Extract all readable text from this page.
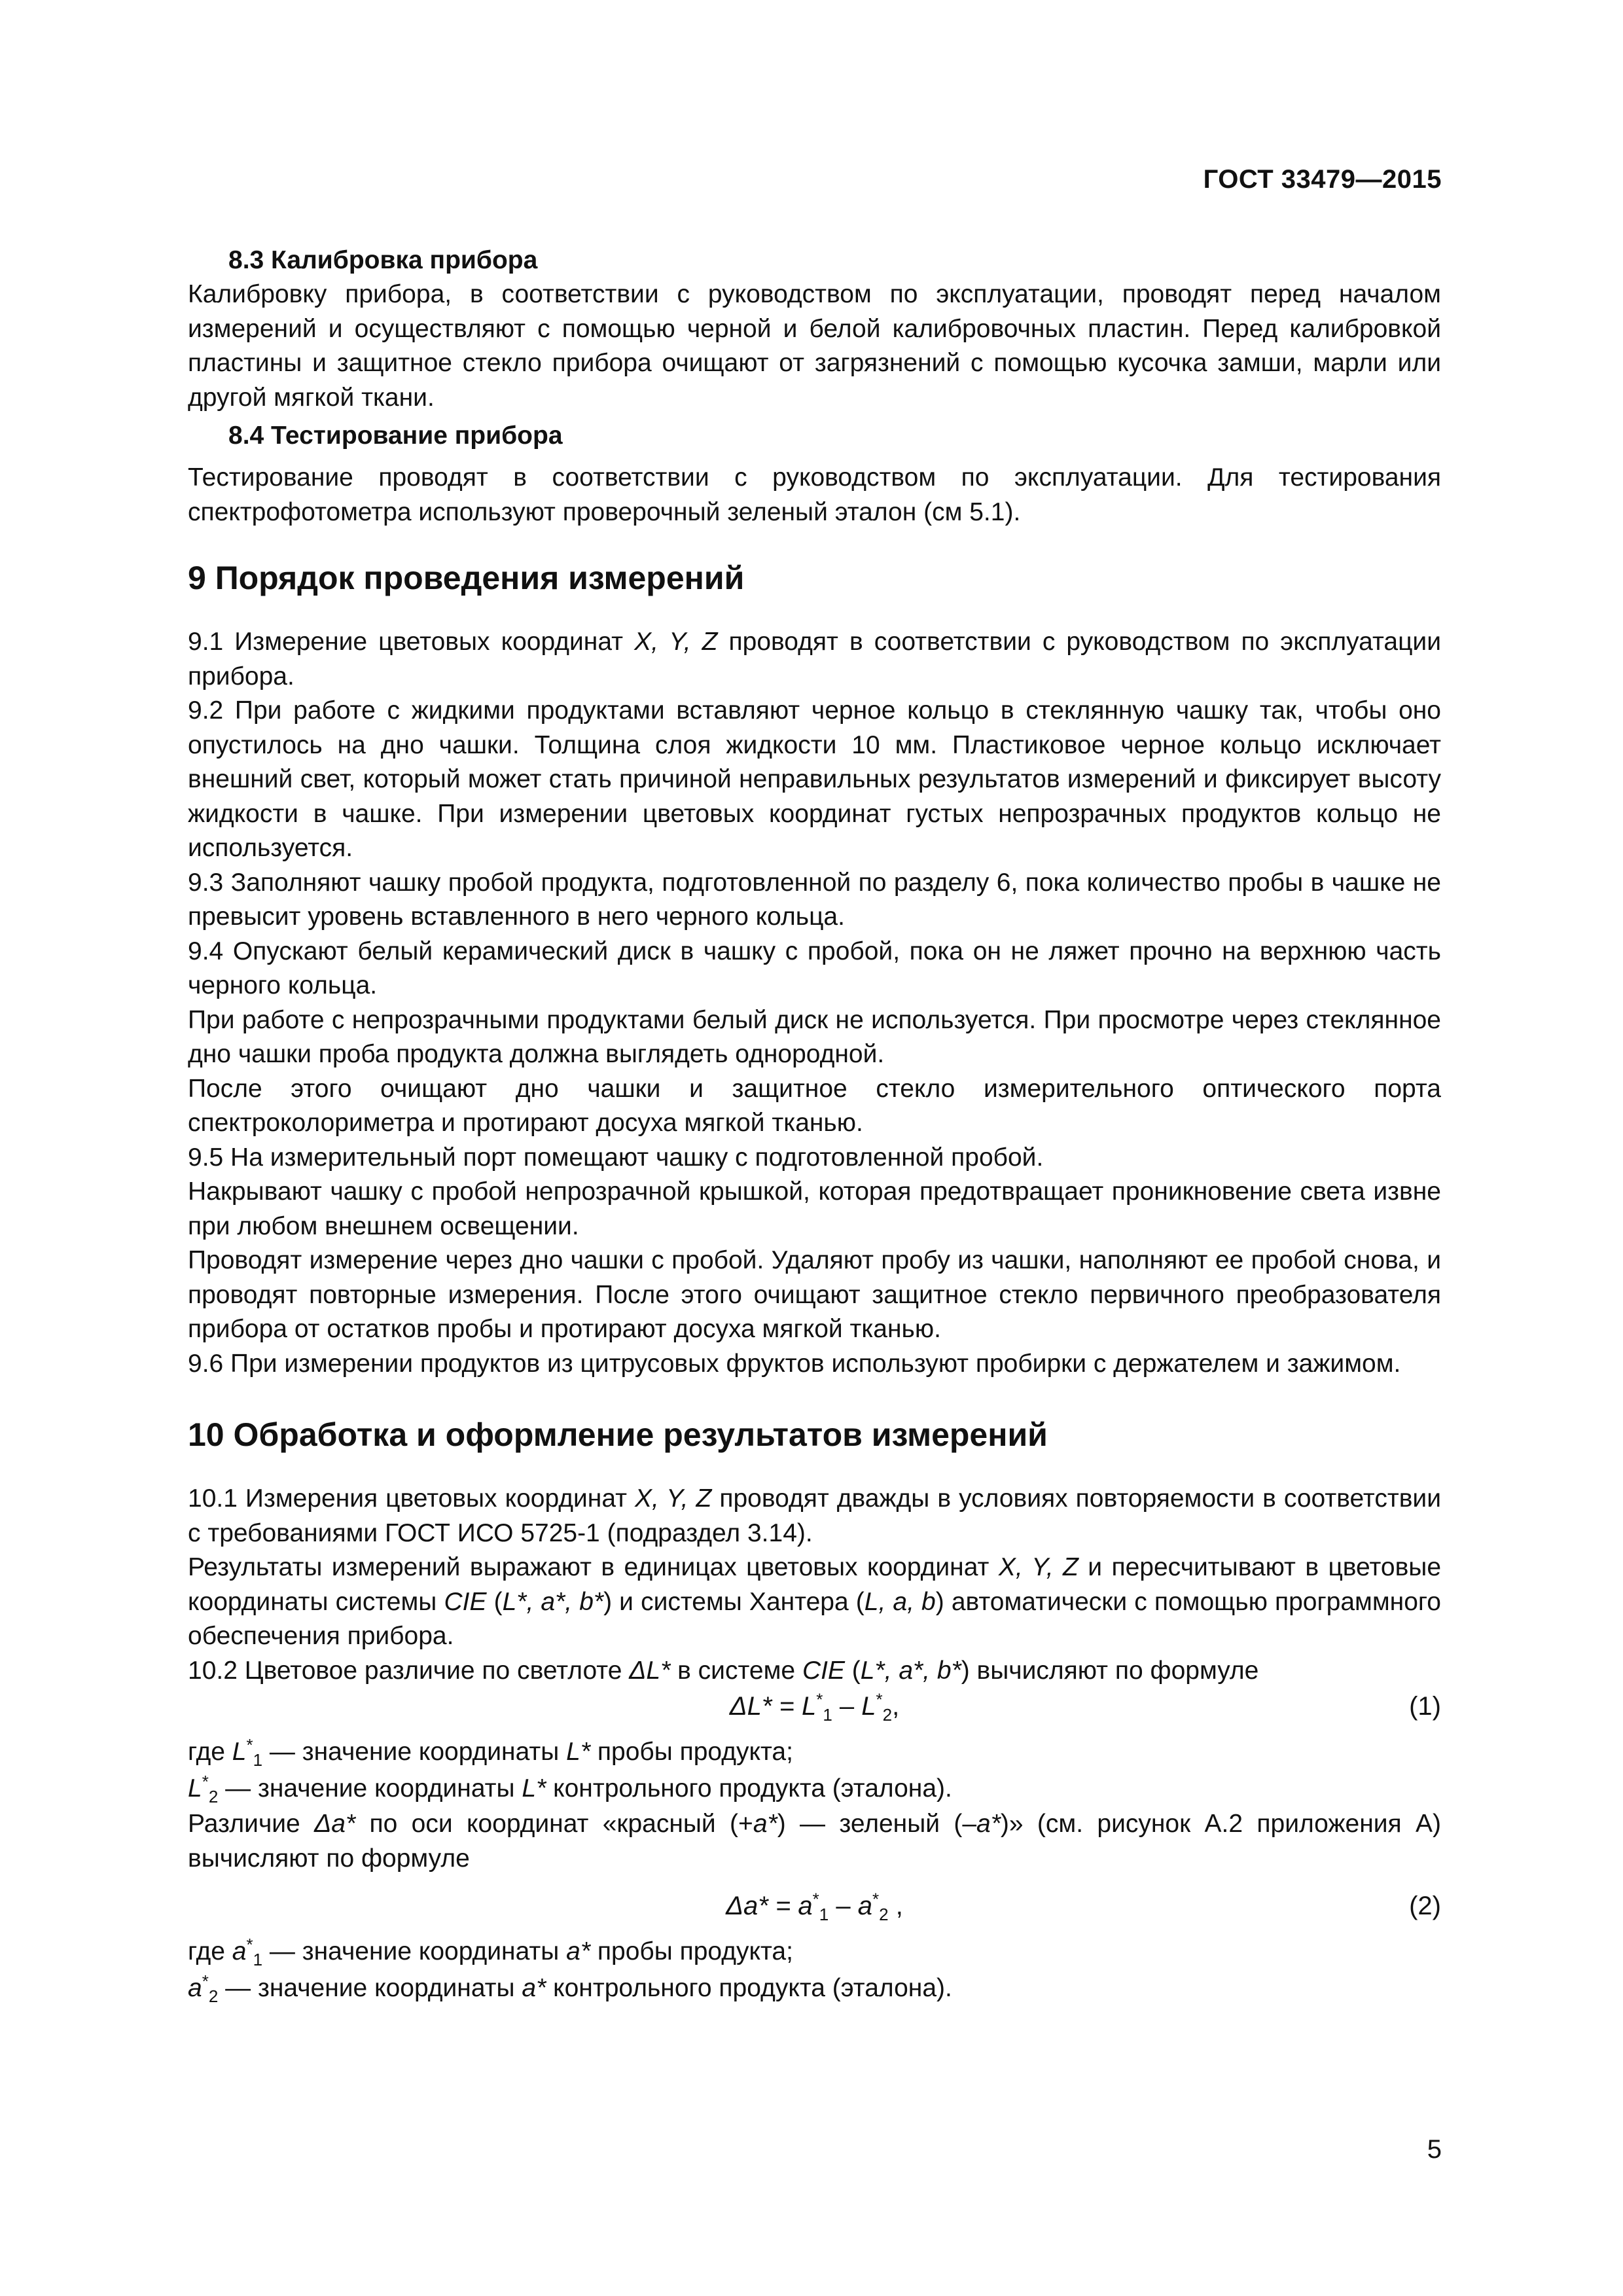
ГОСТ 33479—2015
8.3 Калибровка прибора

Калибровку прибора, в соответствии с руководством по эксплуатации, проводят перед началом измерений и осуществляют с помощью черной и белой калибровочных пластин. Перед калибровкой пластины и защитное стекло прибора очищают от загрязнений с помощью кусочка замши, марли или другой мягкой ткани.

8.4 Тестирование прибора

Тестирование проводят в соответствии с руководством по эксплуатации. Для тестирования спектрофотометра используют проверочный зеленый эталон (см 5.1).

9 Порядок проведения измерений

9.1 Измерение цветовых координат X, Y, Z проводят в соответствии с руководством по эксплуатации прибора.

9.2 При работе с жидкими продуктами вставляют черное кольцо в стеклянную чашку так, чтобы оно опустилось на дно чашки. Толщина слоя жидкости 10 мм. Пластиковое черное кольцо исключает внешний свет, который может стать причиной неправильных результатов измерений и фиксирует высоту жидкости в чашке. При измерении цветовых координат густых непрозрачных продуктов кольцо не используется.

9.3 Заполняют чашку пробой продукта, подготовленной по разделу 6, пока количество пробы в чашке не превысит уровень вставленного в него черного кольца.

9.4 Опускают белый керамический диск в чашку с пробой, пока он не ляжет прочно на верхнюю часть черного кольца.

При работе с непрозрачными продуктами белый диск не используется. При просмотре через стеклянное дно чашки проба продукта должна выглядеть однородной.

После этого очищают дно чашки и защитное стекло измерительного оптического порта спектроколориметра и протирают досуха мягкой тканью.

9.5 На измерительный порт помещают чашку с подготовленной пробой.

Накрывают чашку с пробой непрозрачной крышкой, которая предотвращает проникновение света извне при любом внешнем освещении.

Проводят измерение через дно чашки с пробой. Удаляют пробу из чашки, наполняют ее пробой снова, и проводят повторные измерения. После этого очищают защитное стекло первичного преобразователя прибора от остатков пробы и протирают досуха мягкой тканью.

9.6 При измерении продуктов из цитрусовых фруктов используют пробирки с держателем и зажимом.

10 Обработка и оформление результатов измерений

10.1 Измерения цветовых координат X, Y, Z проводят дважды в условиях повторяемости в соответствии с требованиями ГОСТ ИСО 5725-1 (подраздел 3.14).

Результаты измерений выражают в единицах цветовых координат X, Y, Z и пересчитывают в цветовые координаты системы CIE (L*, a*, b*) и системы Хантера (L, a, b) автоматически с помощью программного обеспечения прибора.

10.2 Цветовое различие по светлоте ΔL* в системе CIE (L*, a*, b*) вычисляют по формуле

$\Delta L* = L^*_1 - L^*_2$,	(1)

где $L^*_1$ — значение координаты L* пробы продукта;

$L^*_2$ — значение координаты L* контрольного продукта (эталона).

Различие Δa* по оси координат «красный (+a*) — зеленый (–a*)» (см. рисунок А.2 приложения А) вычисляют по формуле

$\Delta a* = a^*_1 - a^*_2$ ,	(2)

где $a^*_1$ — значение координаты a* пробы продукта;

$a^*_2$ — значение координаты a* контрольного продукта (эталона).

5
